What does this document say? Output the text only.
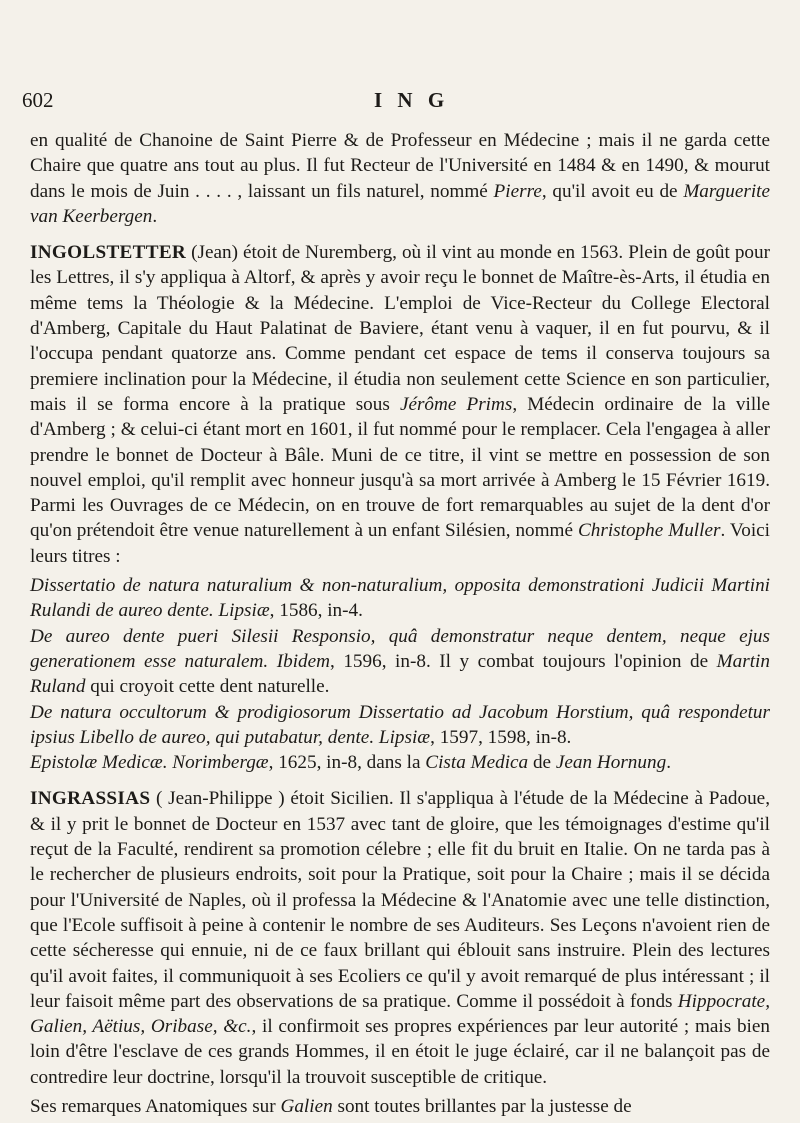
602	I N G

en qualité de Chanoine de Saint Pierre & de Professeur en Médecine ; mais il ne garda cette Chaire que quatre ans tout au plus. Il fut Recteur de l'Université en 1484 & en 1490, & mourut dans le mois de Juin . . . . , laissant un fils naturel, nommé Pierre, qu'il avoit eu de Marguerite van Keerbergen.

INGOLSTETTER (Jean) étoit de Nuremberg, où il vint au monde en 1563. Plein de goût pour les Lettres, il s'y appliqua à Altorf, & après y avoir reçu le bonnet de Maître-ès-Arts, il étudia en même tems la Théologie & la Médecine. L'emploi de Vice-Recteur du College Electoral d'Amberg, Capitale du Haut Palatinat de Baviere, étant venu à vaquer, il en fut pourvu, & il l'occupa pendant quatorze ans. Comme pendant cet espace de tems il conserva toujours sa premiere inclination pour la Médecine, il étudia non seulement cette Science en son particulier, mais il se forma encore à la pratique sous Jérôme Prims, Médecin ordinaire de la ville d'Amberg ; & celui-ci étant mort en 1601, il fut nommé pour le remplacer. Cela l'engagea à aller prendre le bonnet de Docteur à Bâle. Muni de ce titre, il vint se mettre en possession de son nouvel emploi, qu'il remplit avec honneur jusqu'à sa mort arrivée à Amberg le 15 Février 1619. Parmi les Ouvrages de ce Médecin, on en trouve de fort remarquables au sujet de la dent d'or qu'on prétendoit être venue naturellement à un enfant Silésien, nommé Christophe Muller. Voici leurs titres :

Dissertatio de natura naturalium & non-naturalium, opposita demonstrationi Judicii Martini Rulandi de aureo dente. Lipsiæ, 1586, in-4.

De aureo dente pueri Silesii Responsio, quâ demonstratur neque dentem, neque ejus generationem esse naturalem. Ibidem, 1596, in-8. Il y combat toujours l'opinion de Martin Ruland qui croyoit cette dent naturelle.

De natura occultorum & prodigiosorum Dissertatio ad Jacobum Horstium, quâ respondetur ipsius Libello de aureo, qui putabatur, dente. Lipsiæ, 1597, 1598, in-8.

Epistolæ Medicæ. Norimbergæ, 1625, in-8, dans la Cista Medica de Jean Hornung.

INGRASSIAS ( Jean-Philippe ) étoit Sicilien. Il s'appliqua à l'étude de la Médecine à Padoue, & il y prit le bonnet de Docteur en 1537 avec tant de gloire, que les témoignages d'estime qu'il reçut de la Faculté, rendirent sa promotion célebre ; elle fit du bruit en Italie. On ne tarda pas à le rechercher de plusieurs endroits, soit pour la Pratique, soit pour la Chaire ; mais il se décida pour l'Université de Naples, où il professa la Médecine & l'Anatomie avec une telle distinction, que l'Ecole suffisoit à peine à contenir le nombre de ses Auditeurs. Ses Leçons n'avoient rien de cette sécheresse qui ennuie, ni de ce faux brillant qui éblouit sans instruire. Plein des lectures qu'il avoit faites, il communiquoit à ses Ecoliers ce qu'il y avoit remarqué de plus intéressant ; il leur faisoit même part des observations de sa pratique. Comme il possédoit à fonds Hippocrate, Galien, Aëtius, Oribase, &c., il confirmoit ses propres expériences par leur autorité ; mais bien loin d'être l'esclave de ces grands Hommes, il en étoit le juge éclairé, car il ne balançoit pas de contredire leur doctrine, lorsqu'il la trouvoit susceptible de critique.

Ses remarques Anatomiques sur Galien sont toutes brillantes par la justesse de
